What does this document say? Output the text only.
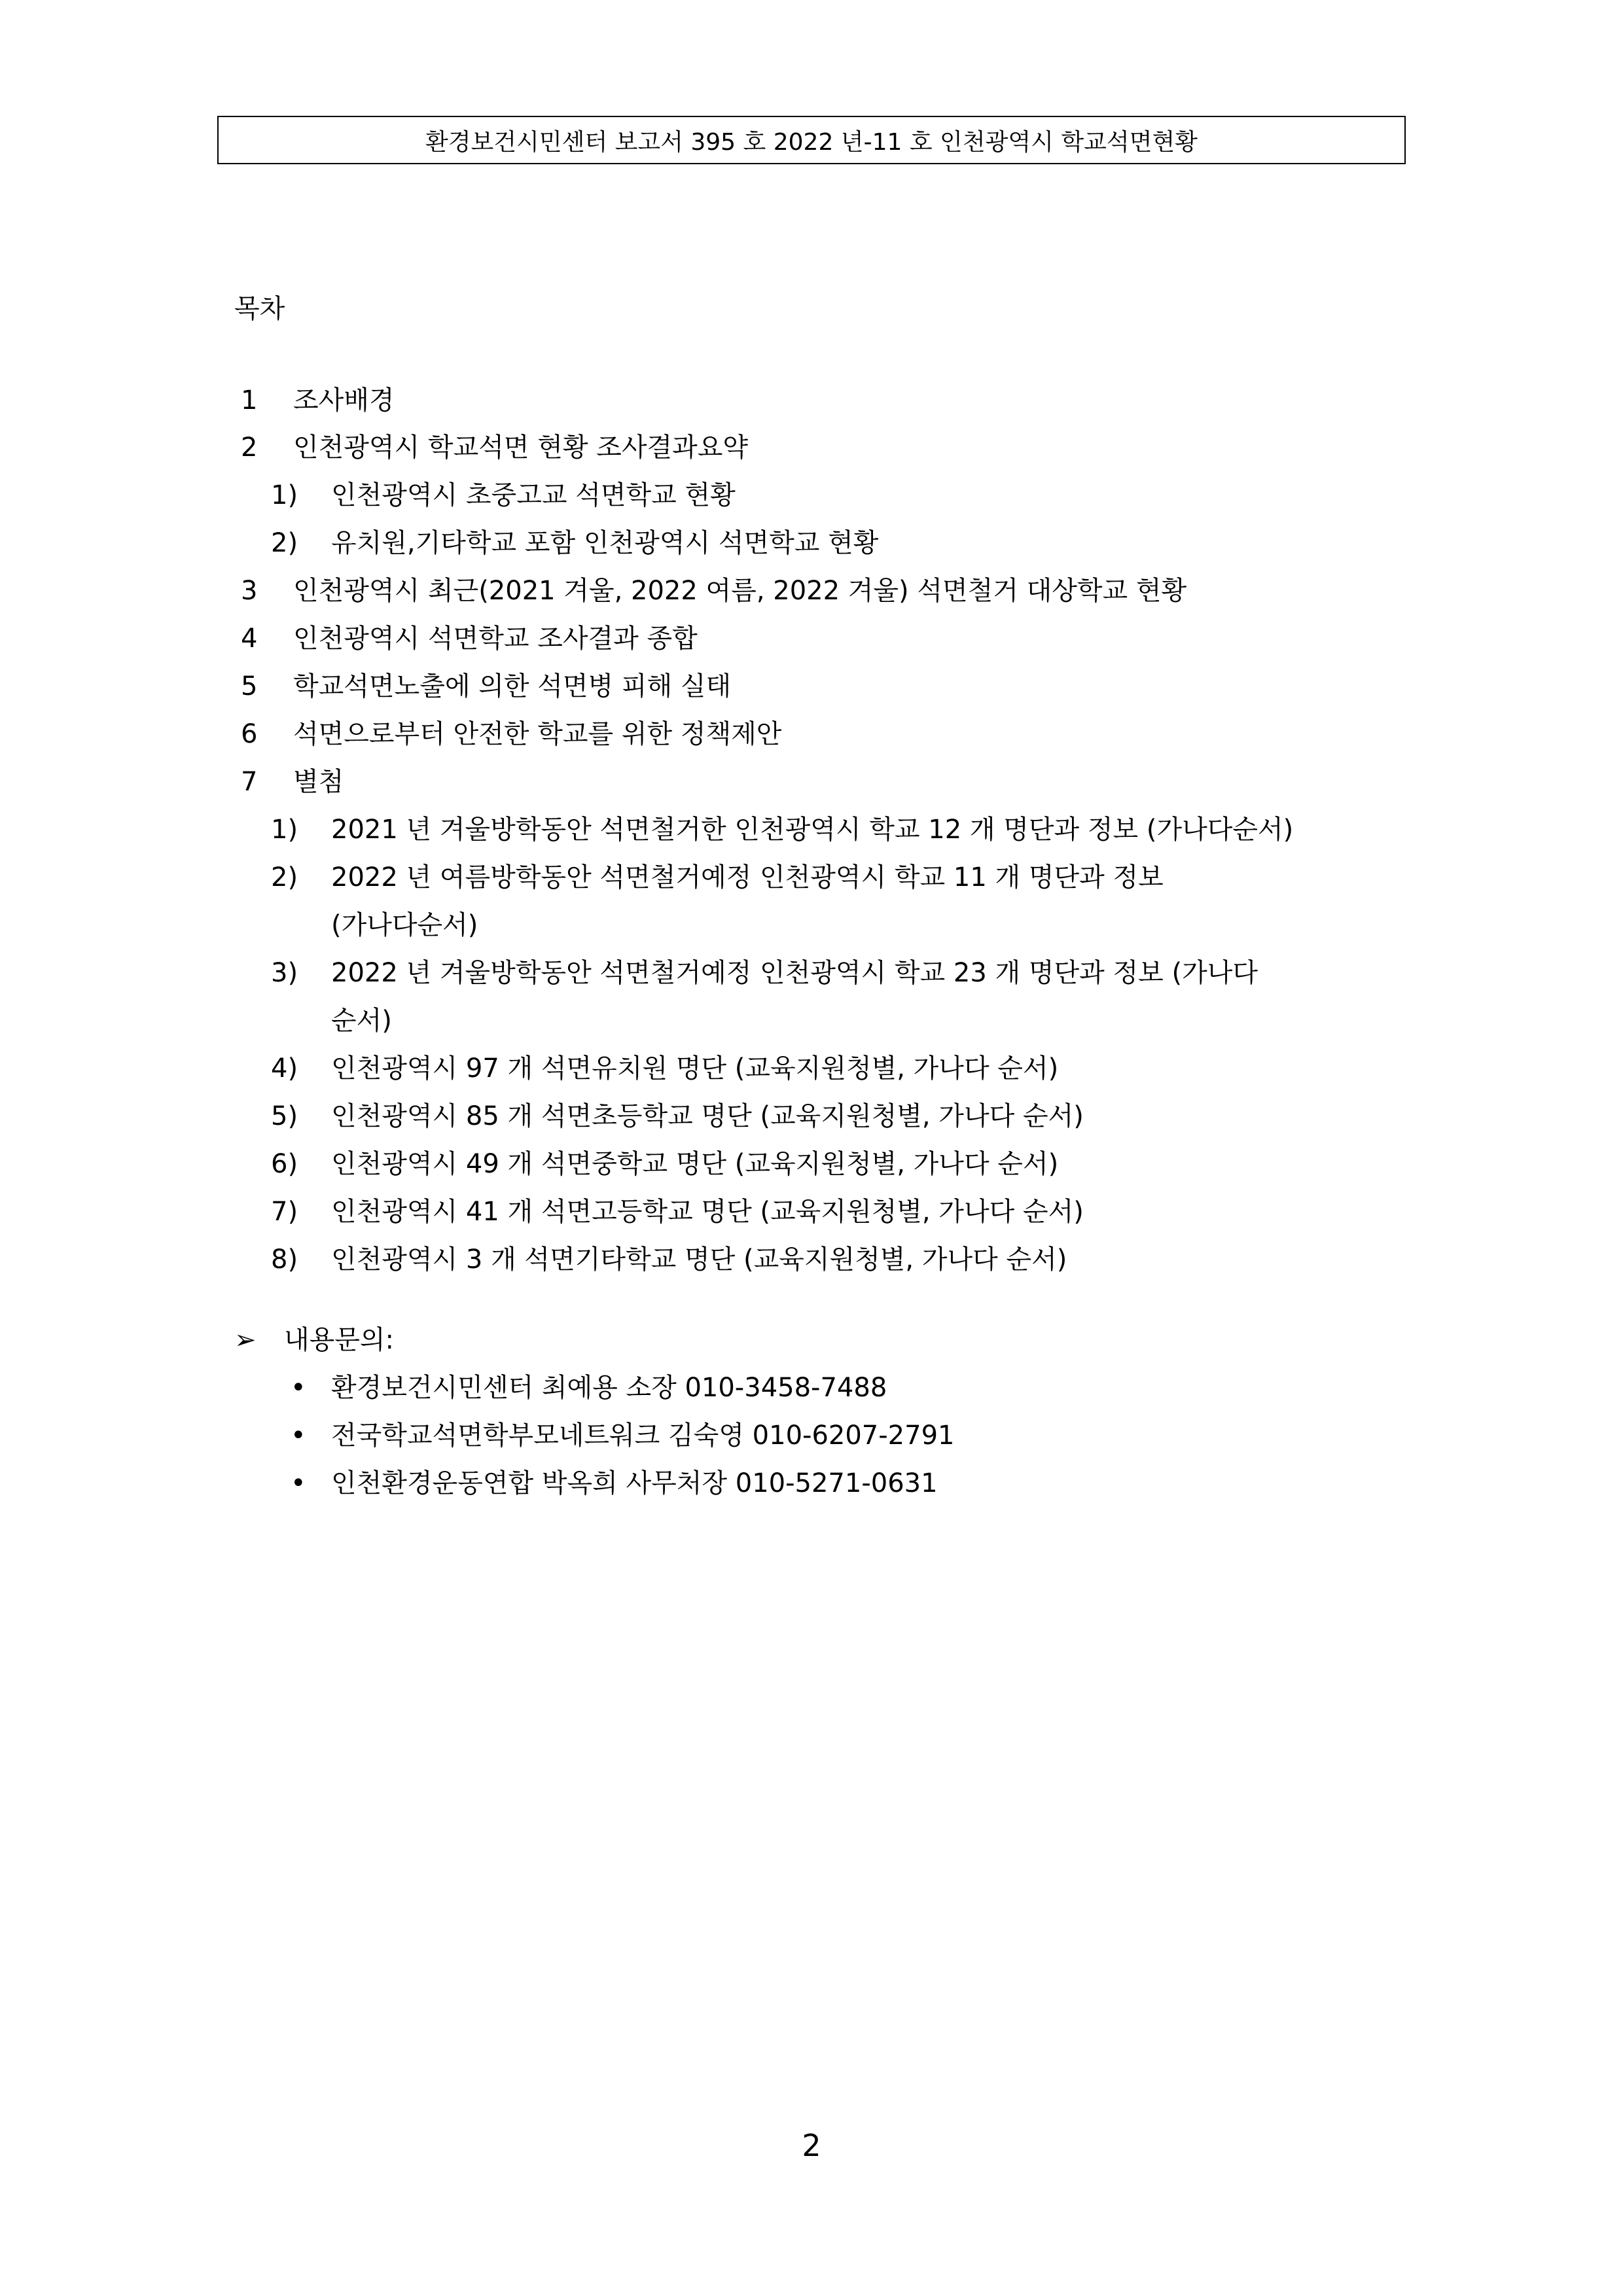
환경보건시민센터 보고서 395 호 2022 년-11 호 인천광역시 학교석면현황
목차
1 조사배경
2 인천광역시 학교석면 현황 조사결과요약
1) 인천광역시 초중고교 석면학교 현황
2) 유치원,기타학교 포함 인천광역시 석면학교 현황
3 인천광역시 최근(2021 겨울, 2022 여름, 2022 겨울) 석면철거 대상학교 현황
4 인천광역시 석면학교 조사결과 종합
5 학교석면노출에 의한 석면병 피해 실태
6 석면으로부터 안전한 학교를 위한 정책제안
7 별첨
1) 2021 년 겨울방학동안 석면철거한 인천광역시 학교 12 개 명단과 정보 (가나다순서)
2) 2022 년 여름방학동안 석면철거예정 인천광역시 학교 11 개 명단과 정보
(가나다순서)
3) 2022 년 겨울방학동안 석면철거예정 인천광역시 학교 23 개 명단과 정보 (가나다
순서)
4) 인천광역시 97 개 석면유치원 명단 (교육지원청별, 가나다 순서)
5) 인천광역시 85 개 석면초등학교 명단 (교육지원청별, 가나다 순서)
6) 인천광역시 49 개 석면중학교 명단 (교육지원청별, 가나다 순서)
7) 인천광역시 41 개 석면고등학교 명단 (교육지원청별, 가나다 순서)
8) 인천광역시 3 개 석면기타학교 명단 (교육지원청별, 가나다 순서)
➢ 내용문의:
• 환경보건시민센터 최예용 소장 010-3458-7488
• 전국학교석면학부모네트워크 김숙영 010-6207-2791
• 인천환경운동연합 박옥희 사무처장 010-5271-0631
2
